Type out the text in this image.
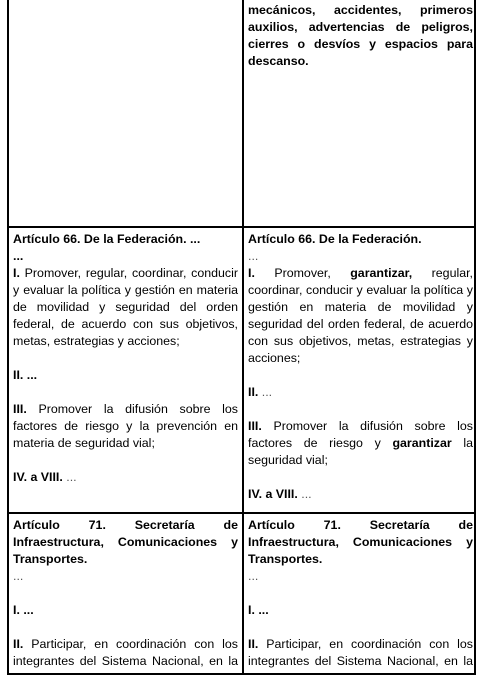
mecánicos, accidentes, primeros auxilios, advertencias de peligros, cierres o desvíos y espacios para descanso.

Artículo 66. De la Federación. ...

...

I. Promover, regular, coordinar, conducir y evaluar la política y gestión en materia de movilidad y seguridad del orden federal, de acuerdo con sus objetivos, metas, estrategias y acciones;

II. ...

III. Promover la difusión sobre los factores de riesgo y la prevención en materia de seguridad vial;

IV. a VIII. ...

Artículo 66. De la Federación.

...

I. Promover, garantizar, regular, coordinar, conducir y evaluar la política y gestión en materia de movilidad y seguridad del orden federal, de acuerdo con sus objetivos, metas, estrategias y acciones;

II. ...

III. Promover la difusión sobre los factores de riesgo y garantizar la seguridad vial;

IV. a VIII. ...

Artículo 71. Secretaría de Infraestructura, Comunicaciones y Transportes.

...

I. ...

II. Participar, en coordinación con los integrantes del Sistema Nacional, en la

Artículo 71. Secretaría de Infraestructura, Comunicaciones y Transportes.

...

I. ...

II. Participar, en coordinación con los integrantes del Sistema Nacional, en la
